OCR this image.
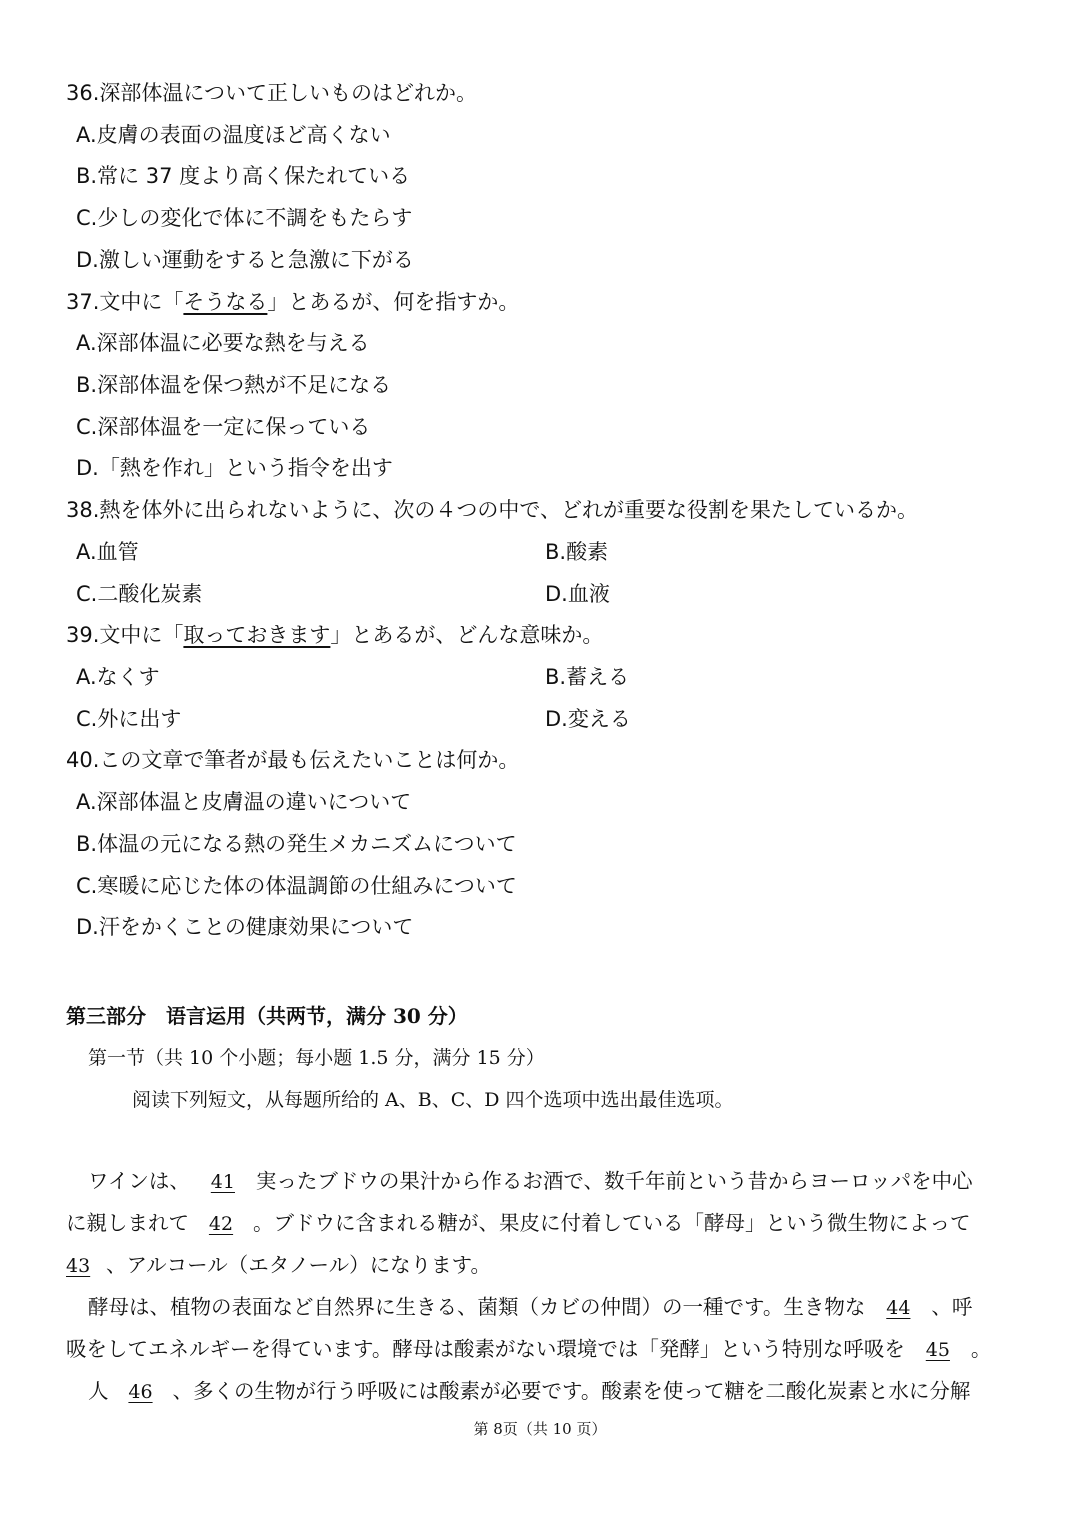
36.深部体温について正しいものはどれか。
A.皮膚の表面の温度ほど高くない
B.常に 37 度より高く保たれている
C.少しの変化で体に不調をもたらす
D.激しい運動をすると急激に下がる
37.文中に「そうなる」とあるが、何を指すか。
A.深部体温に必要な熱を与える
B.深部体温を保つ熱が不足になる
C.深部体温を一定に保っている
D.「熱を作れ」という指令を出す
38.熱を体外に出られないように、次の４つの中で、どれが重要な役割を果たしているか。
A.血管	B.酸素
C.二酸化炭素	D.血液
39.文中に「取っておきます」とあるが、どんな意味か。
A.なくす	B.蓄える
C.外に出す	D.変える
40.この文章で筆者が最も伝えたいことは何か。
A.深部体温と皮膚温の違いについて
B.体温の元になる熱の発生メカニズムについて
C.寒暖に応じた体の体温調節の仕組みについて
D.汗をかくことの健康効果について
第三部分　语言运用（共两节，满分 30 分）
第一节（共 10 个小题；每小题 1.5 分，满分 15 分）
阅读下列短文，从每题所给的 A、B、C、D 四个选项中选出最佳选项。
ワインは、 41 実ったブドウの果汁から作るお酒で、数千年前という昔からヨーロッパを中心
に親しまれて 42 。ブドウに含まれる糖が、果皮に付着している「酵母」という微生物によって
43 、アルコール（エタノール）になります。
酵母は、植物の表面など自然界に生きる、菌類（カビの仲間）の一種です。生き物な 44 、呼
吸をしてエネルギーを得ています。酵母は酸素がない環境では「発酵」という特別な呼吸を 45 。
人 46 、多くの生物が行う呼吸には酸素が必要です。酸素を使って糖を二酸化炭素と水に分解
第 8页（共 10 页）
